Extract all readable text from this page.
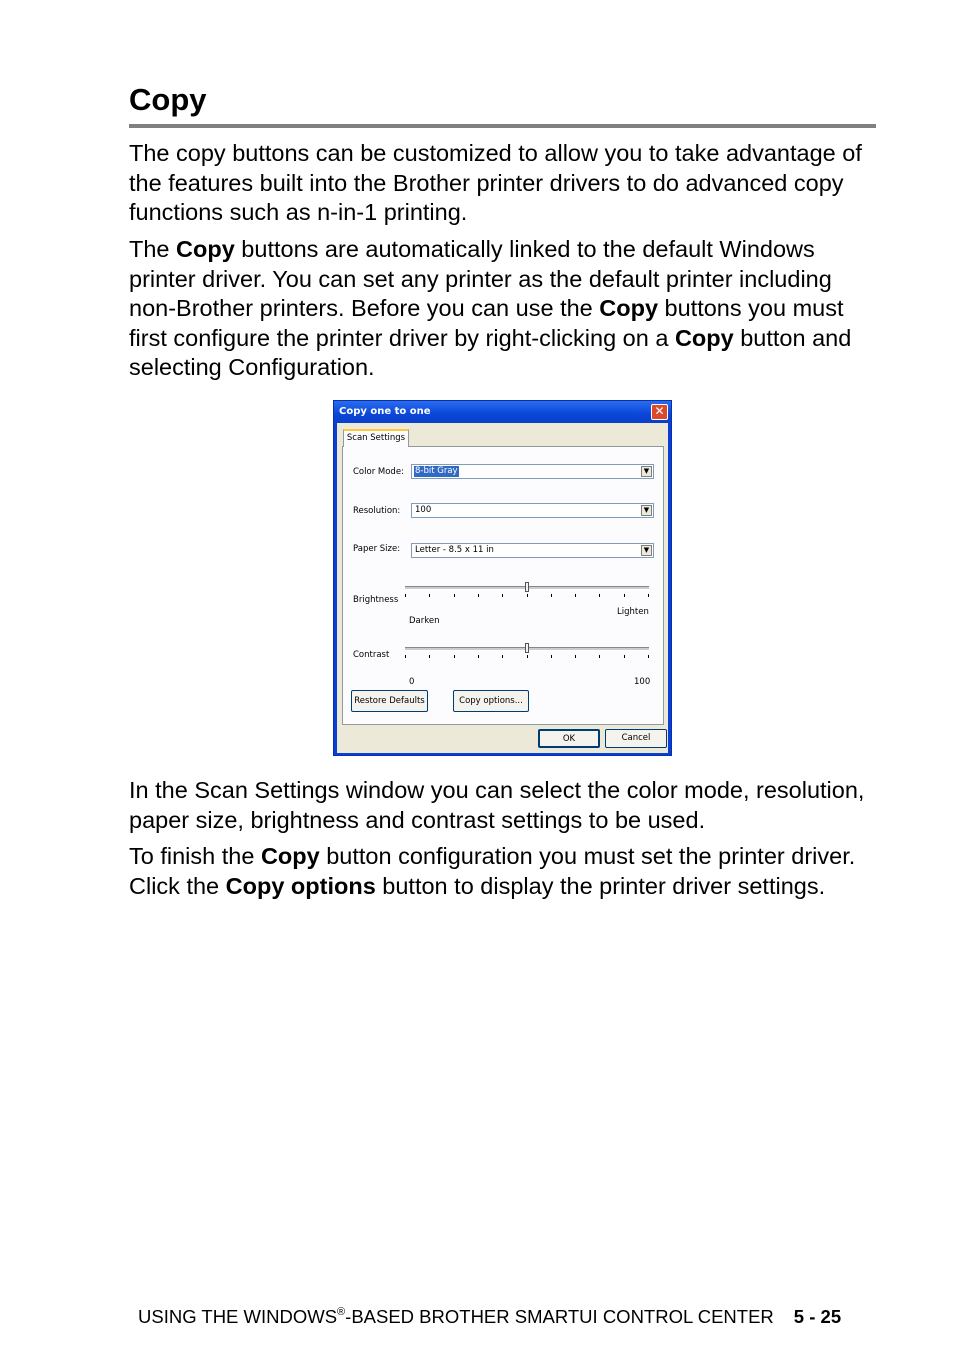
Copy

The copy buttons can be customized to allow you to take advantage of the features built into the Brother printer drivers to do advanced copy functions such as n-in-1 printing.

The Copy buttons are automatically linked to the default Windows printer driver. You can set any printer as the default printer including non-Brother printers. Before you can use the Copy buttons you must first configure the printer driver by right-clicking on a Copy button and selecting Configuration.

Copy one to one	✕
Color Mode: 8-bit Gray	▼
Resolution: 100	▼
Paper Size: Letter - 8.5 x 11 in	▼
Brightness
Darken
Lighten
Contrast
0	100
Restore Defaults	Copy options...
Scan Settings
OK	Cancel

In the Scan Settings window you can select the color mode, resolution, paper size, brightness and contrast settings to be used.

To finish the Copy button configuration you must set the printer driver. Click the Copy options button to display the printer driver settings.

USING THE WINDOWS®-BASED BROTHER SMARTUI CONTROL CENTER 5 - 25
